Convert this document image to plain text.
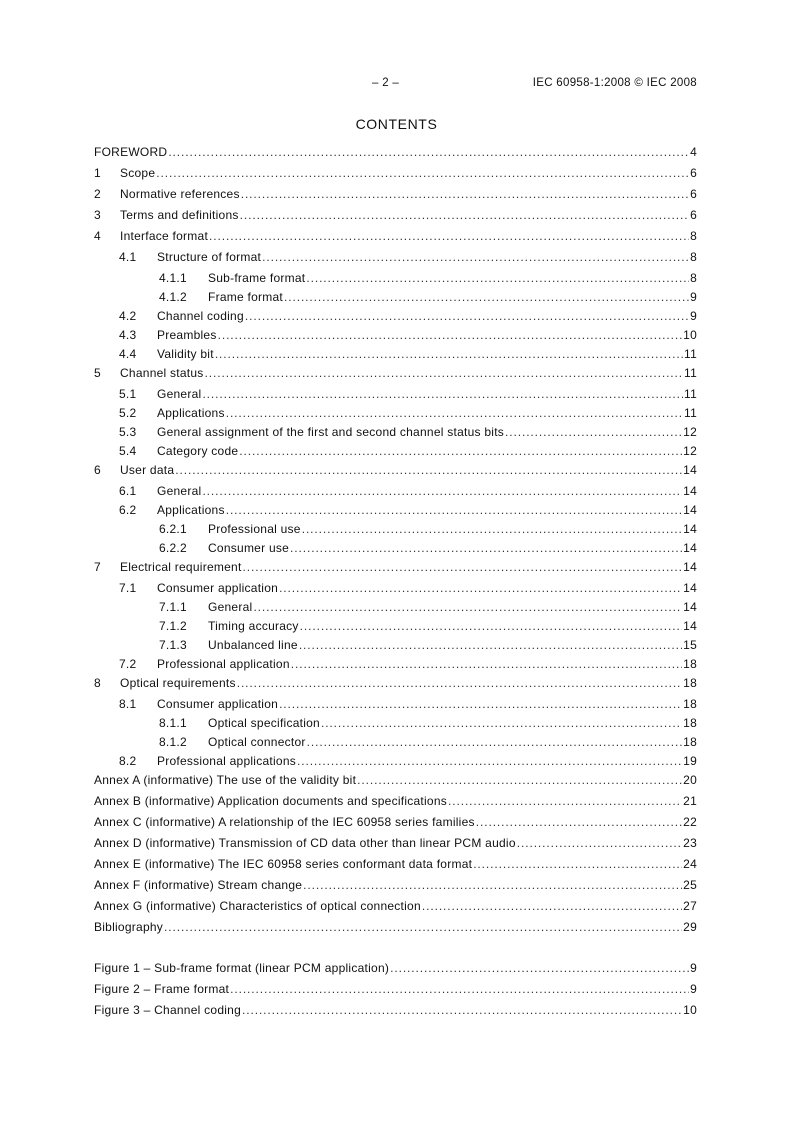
– 2 –	IEC 60958-1:2008 © IEC 2008
CONTENTS
FOREWORD .....	4
1	Scope .....	6
2	Normative references .....	6
3	Terms and definitions .....	6
4	Interface format .....	8
4.1	Structure of format .....	8
4.1.1	Sub-frame format .....	8
4.1.2	Frame format .....	9
4.2	Channel coding .....	9
4.3	Preambles .....	10
4.4	Validity bit .....	11
5	Channel status .....	11
5.1	General .....	11
5.2	Applications .....	11
5.3	General assignment of the first and second channel status bits .....	12
5.4	Category code .....	12
6	User data .....	14
6.1	General .....	14
6.2	Applications .....	14
6.2.1	Professional use .....	14
6.2.2	Consumer use .....	14
7	Electrical requirement .....	14
7.1	Consumer application .....	14
7.1.1	General .....	14
7.1.2	Timing accuracy .....	14
7.1.3	Unbalanced line .....	15
7.2	Professional application .....	18
8	Optical requirements .....	18
8.1	Consumer application .....	18
8.1.1	Optical specification .....	18
8.1.2	Optical connector .....	18
8.2	Professional applications .....	19
Annex A (informative) The use of the validity bit .....	20
Annex B (informative) Application documents and specifications .....	21
Annex C (informative) A relationship of the IEC 60958 series families .....	22
Annex D (informative) Transmission of CD data other than linear PCM audio .....	23
Annex E (informative) The IEC 60958 series conformant data format .....	24
Annex F (informative) Stream change .....	25
Annex G (informative) Characteristics of optical connection .....	27
Bibliography .....	29
Figure 1 – Sub-frame format (linear PCM application) .....	9
Figure 2 – Frame format .....	9
Figure 3 – Channel coding .....	10
